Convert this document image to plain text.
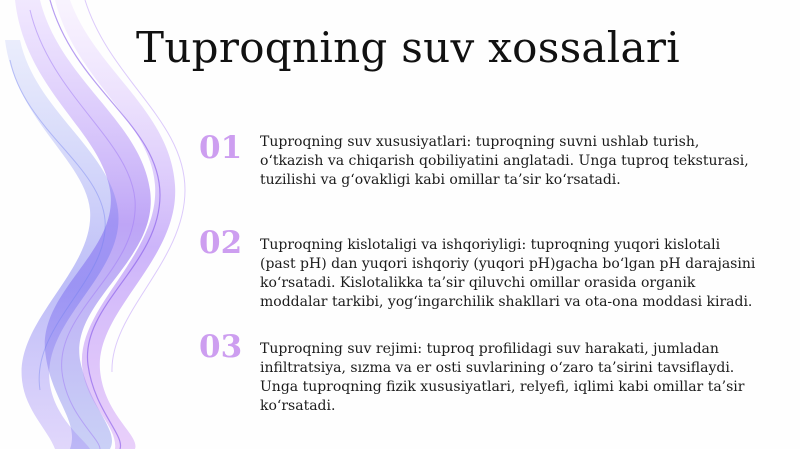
Tuproqning suv xossalari
01 Tuproqning suv xususiyatlari: tuproqning suvni ushlab turish, o‘tkazish va chiqarish qobiliyatini anglatadi. Unga tuproq teksturasi, tuzilishi va g‘ovakligi kabi omillar ta’sir ko‘rsatadi.

02 Tuproqning kislotaligi va ishqoriyligi: tuproqning yuqori kislotali (past pH) dan yuqori ishqoriy (yuqori pH)gacha bo‘lgan pH darajasini ko‘rsatadi. Kislotalikka ta’sir qiluvchi omillar orasida organik moddalar tarkibi, yog‘ingarchilik shakllari va ota-ona moddasi kiradi.

03 Tuproqning suv rejimi: tuproq profilidagi suv harakati, jumladan infiltratsiya, sızma va er osti suvlarining o‘zaro ta’sirini tavsiflaydi. Unga tuproqning fizik xususiyatlari, relyefi, iqlimi kabi omillar ta’sir ko‘rsatadi.
